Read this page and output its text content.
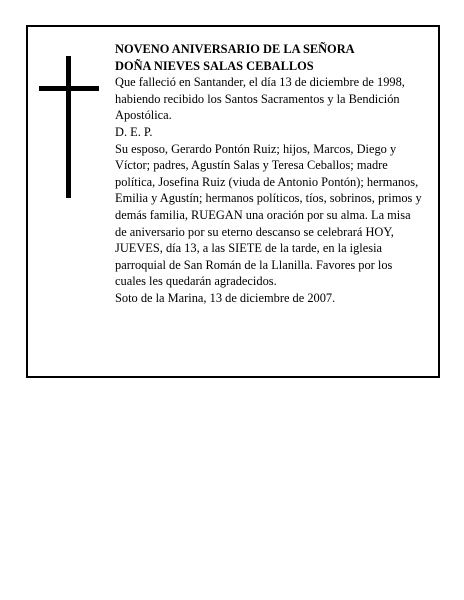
NOVENO ANIVERSARIO DE LA SEÑORA

DOÑA NIEVES SALAS CEBALLOS

Que falleció en Santander, el día 13 de diciembre de 1998, habiendo recibido los Santos Sacramentos y la Bendición Apostólica.

D. E. P.

Su esposo, Gerardo Pontón Ruiz; hijos, Marcos, Diego y Víctor; padres, Agustín Salas y Teresa Ceballos; madre política, Josefina Ruiz (viuda de Antonio Pontón); hermanos, Emilia y Agustín; hermanos políticos, tíos, sobrinos, primos y demás familia, RUEGAN una oración por su alma. La misa de aniversario por su eterno descanso se celebrará HOY, JUEVES, día 13, a las SIETE de la tarde, en la iglesia parroquial de San Román de la Llanilla. Favores por los cuales les quedarán agradecidos.

Soto de la Marina, 13 de diciembre de 2007.
